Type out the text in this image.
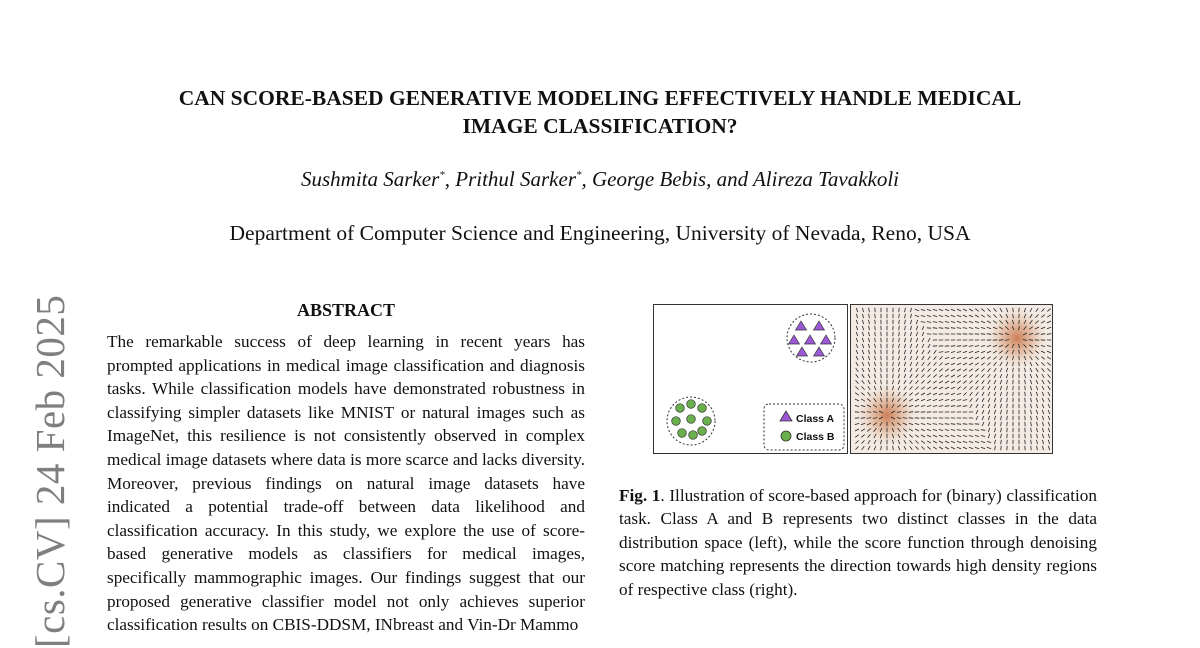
[cs.CV] 24 Feb 2025
CAN SCORE-BASED GENERATIVE MODELING EFFECTIVELY HANDLE MEDICAL
IMAGE CLASSIFICATION?
Sushmita Sarker*, Prithul Sarker*, George Bebis, and Alireza Tavakkoli
Department of Computer Science and Engineering, University of Nevada, Reno, USA
ABSTRACT
The remarkable success of deep learning in recent years has prompted applications in medical image classification and diagnosis tasks. While classification models have demonstrated robustness in classifying simpler datasets like MNIST or natural images such as ImageNet, this resilience is not consistently observed in complex medical image datasets where data is more scarce and lacks diversity. Moreover, previous findings on natural image datasets have indicated a potential trade-off between data likelihood and classification accuracy. In this study, we explore the use of score-based generative models as classifiers for medical images, specifically mammographic images. Our findings suggest that our proposed generative classifier model not only achieves superior classification results on CBIS-DDSM, INbreast and Vin-Dr Mammo
Class A
Class B
Fig. 1. Illustration of score-based approach for (binary) classification task. Class A and B represents two distinct classes in the data distribution space (left), while the score function through denoising score matching represents the direction towards high density regions of respective class (right).
